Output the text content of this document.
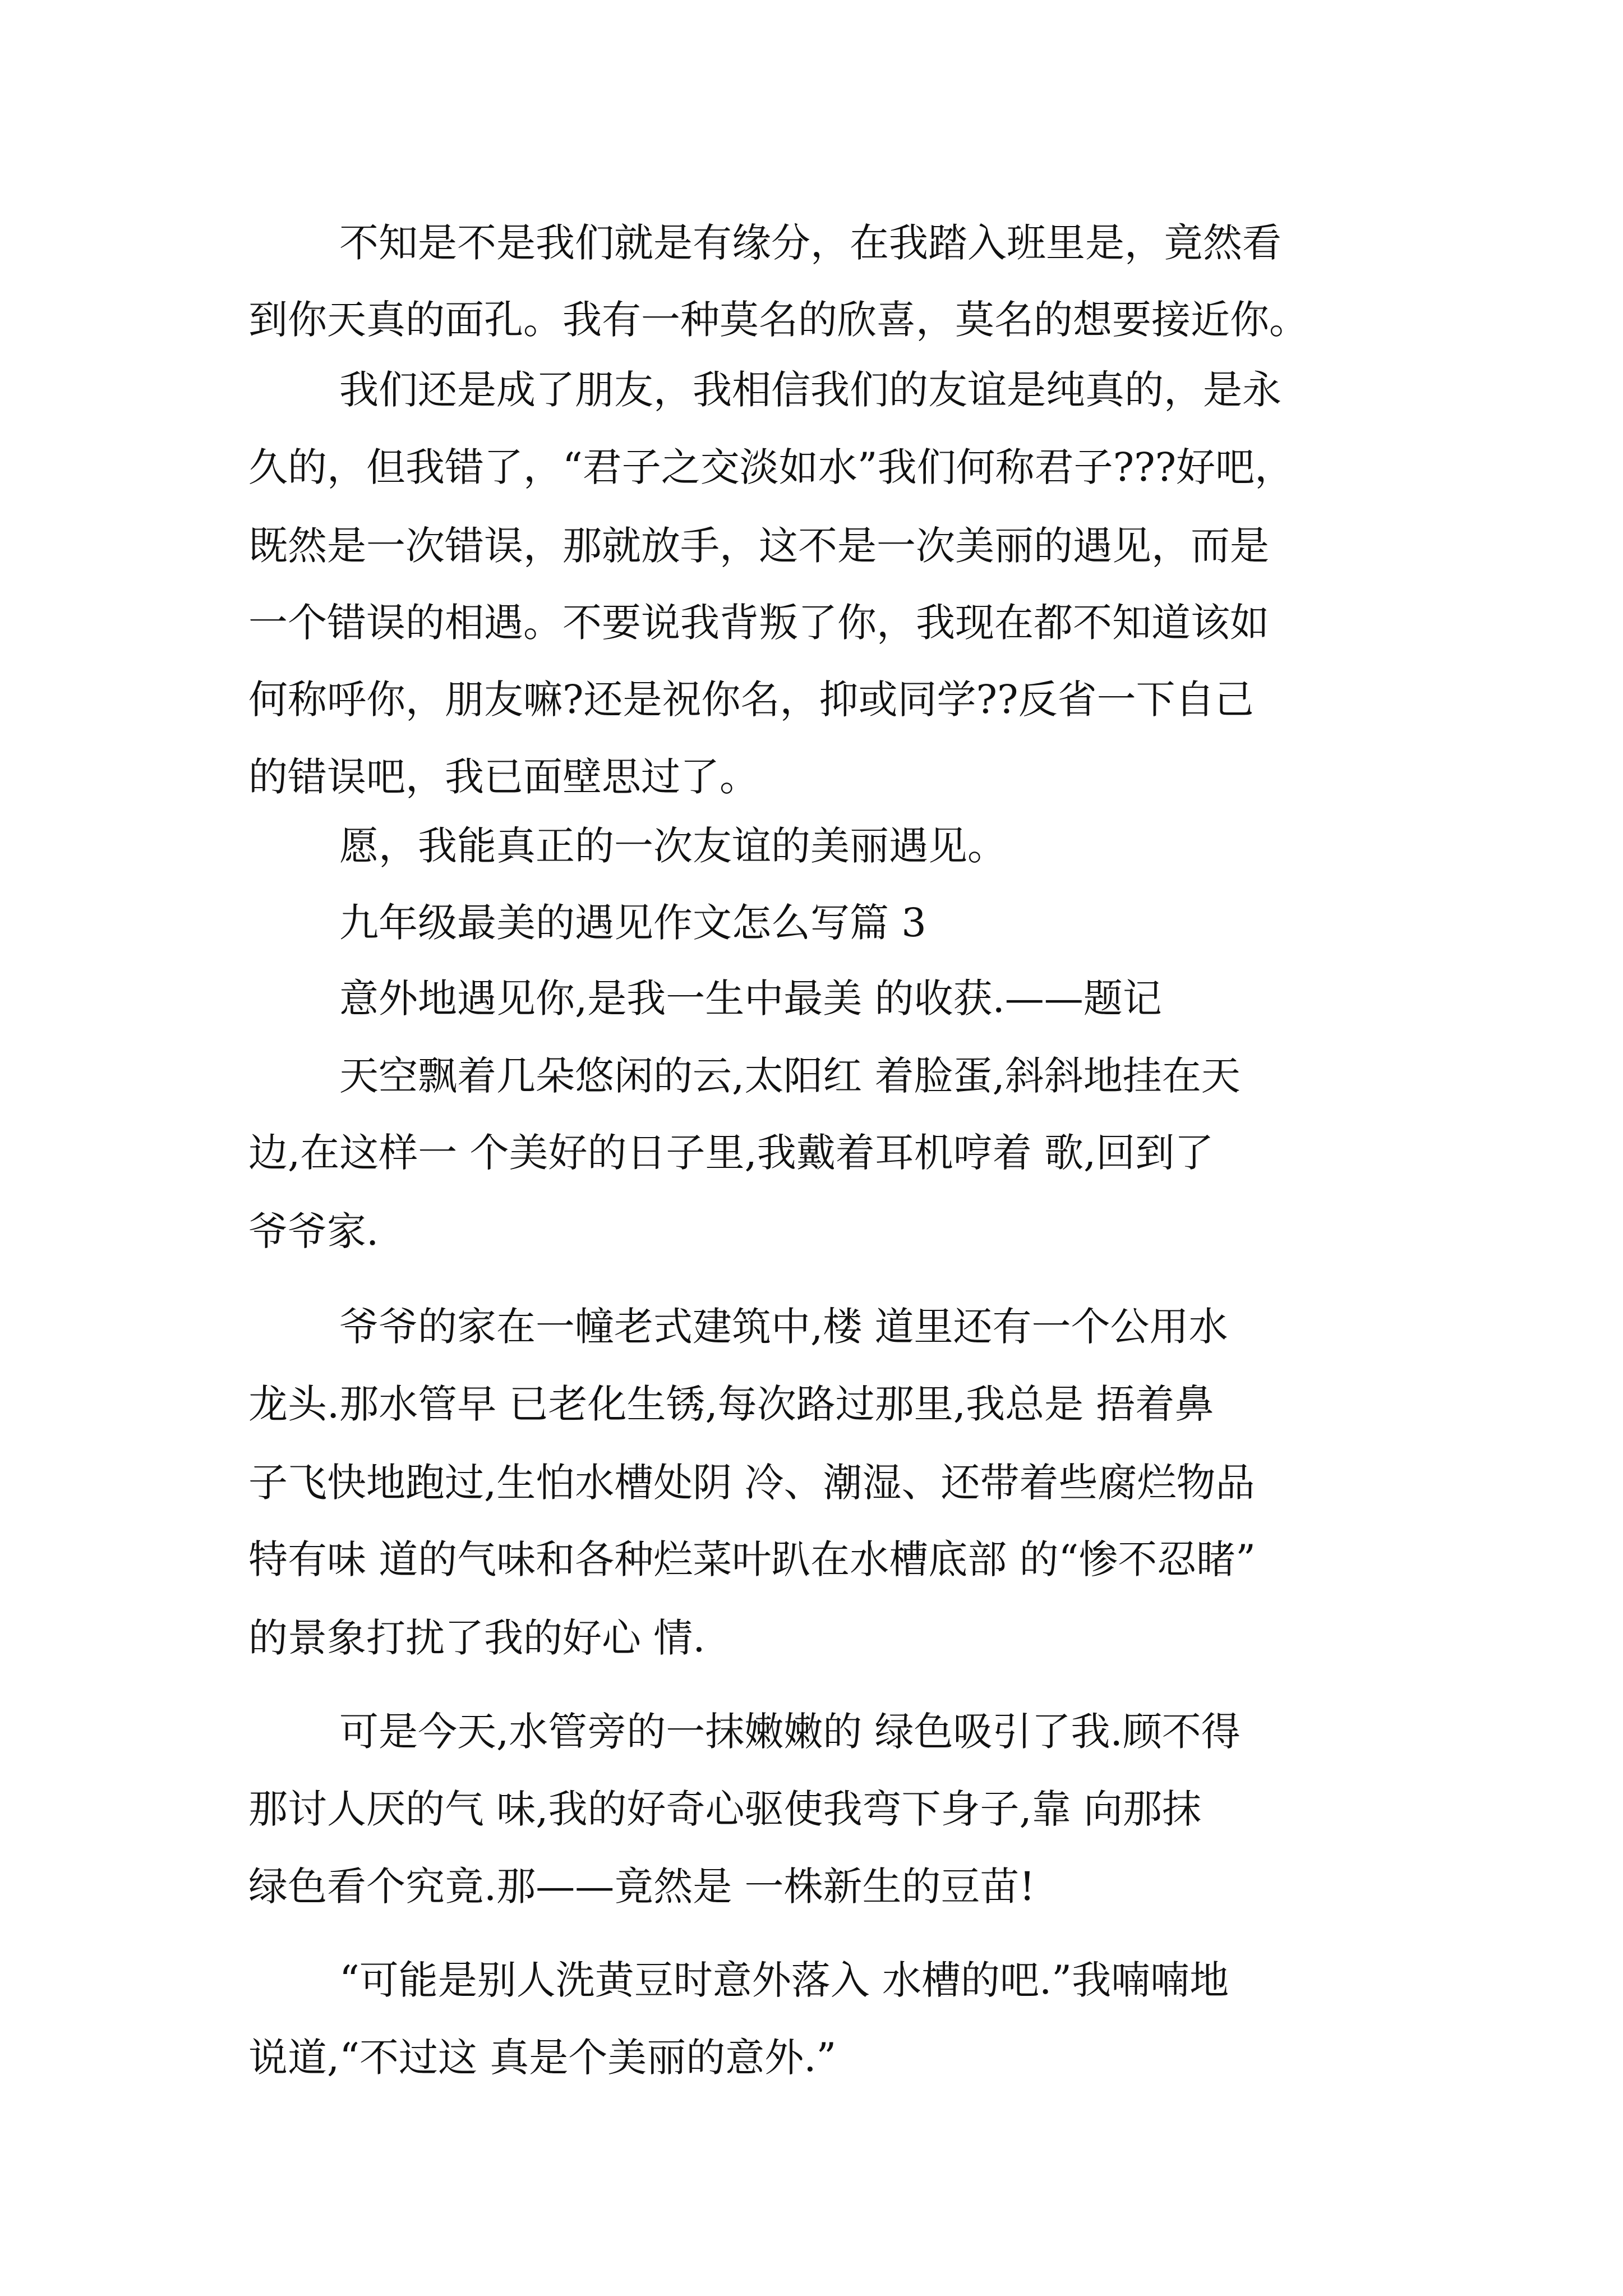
不知是不是我们就是有缘分，在我踏入班里是，竟然看
到你天真的面孔。我有一种莫名的欣喜，莫名的想要接近你。
我们还是成了朋友，我相信我们的友谊是纯真的，是永
久的，但我错了，“君子之交淡如水”我们何称君子???好吧，
既然是一次错误，那就放手，这不是一次美丽的遇见，而是
一个错误的相遇。不要说我背叛了你，我现在都不知道该如
何称呼你，朋友嘛?还是祝你名，抑或同学??反省一下自己
的错误吧，我已面壁思过了。
愿，我能真正的一次友谊的美丽遇见。
九年级最美的遇见作文怎么写篇 3
意外地遇见你,是我一生中最美 的收获.——题记
天空飘着几朵悠闲的云,太阳红 着脸蛋,斜斜地挂在天
边,在这样一 个美好的日子里,我戴着耳机哼着 歌,回到了
爷爷家.
爷爷的家在一幢老式建筑中,楼 道里还有一个公用水
龙头.那水管早 已老化生锈,每次路过那里,我总是 捂着鼻
子飞快地跑过,生怕水槽处阴 冷、潮湿、还带着些腐烂物品
特有味 道的气味和各种烂菜叶趴在水槽底部 的“惨不忍睹”
的景象打扰了我的好心 情.
可是今天,水管旁的一抹嫩嫩的 绿色吸引了我.顾不得
那讨人厌的气 味,我的好奇心驱使我弯下身子,靠 向那抹
绿色看个究竟.那——竟然是 一株新生的豆苗!
“可能是别人洗黄豆时意外落入 水槽的吧.”我喃喃地
说道,“不过这 真是个美丽的意外.”
